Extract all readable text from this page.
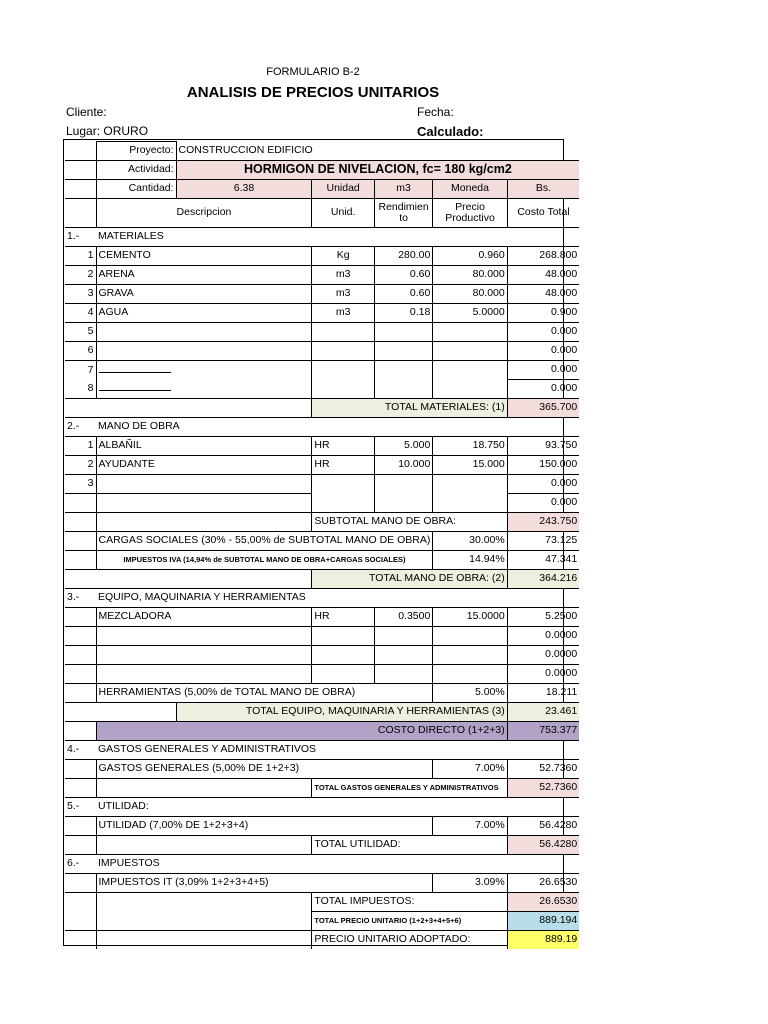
FORMULARIO B-2
ANALISIS DE PRECIOS UNITARIOS
Cliente:	Fecha:
Lugar: ORURO	Calculado:
	Proyecto:	CONSTRUCCION EDIFICIO				
	Actividad:	HORMIGON DE NIVELACION, fc= 180 kg/cm2				
	Cantidad:	6.38	Unidad	m3	Moneda	Bs.
	Descripcion		Unid.	Rendimien to	Precio Productivo	Costo Total
1.-	MATERIALES					
1	CEMENTO		Kg	280.00	0.960	268.800
2	ARENA		m3	0.60	80.000	48.000
3	GRAVA		m3	0.60	80.000	48.000
4	AGUA		m3	0.18	5.0000	0.900
5						0.000
6						0.000
7						0.000
8						0.000
			TOTAL MATERIALES: (1)			365.700
2.-	MANO DE OBRA					
1	ALBAÑIL		HR	5.000	18.750	93.750
2	AYUDANTE		HR	10.000	15.000	150.000
3						0.000
						0.000
			SUBTOTAL MANO DE OBRA:			243.750
	CARGAS SOCIALES (30% - 55,00% de SUBTOTAL MANO DE OBRA)				30.00%	73.125
	IMPUESTOS IVA (14,94% de SUBTOTAL MANO DE OBRA+CARGAS SOCIALES)				14.94%	47.341
			TOTAL MANO DE OBRA: (2)			364.216
3.-	EQUIPO, MAQUINARIA Y HERRAMIENTAS					
	MEZCLADORA		HR	0.3500	15.0000	5.2500
						0.0000
						0.0000
						0.0000
	HERRAMIENTAS (5,00% de TOTAL MANO DE OBRA)				5.00%	18.211
		TOTAL EQUIPO, MAQUINARIA Y HERRAMIENTAS (3)				23.461
	COSTO DIRECTO (1+2+3)					753.377
4.-	GASTOS GENERALES Y ADMINISTRATIVOS					
	GASTOS GENERALES (5,00% DE 1+2+3)				7.00%	52.7360
			TOTAL GASTOS GENERALES Y ADMINISTRATIVOS			52.7360
5.-	UTILIDAD:					
	UTILIDAD (7,00% DE 1+2+3+4)				7.00%	56.4280
			TOTAL UTILIDAD:			56.4280
6.-	IMPUESTOS					
	IMPUESTOS IT (3,09% 1+2+3+4+5)				3.09%	26.6530
			TOTAL IMPUESTOS:			26.6530
			TOTAL PRECIO UNITARIO (1+2+3+4+5+6)			889.194
			PRECIO UNITARIO ADOPTADO:			889.19
